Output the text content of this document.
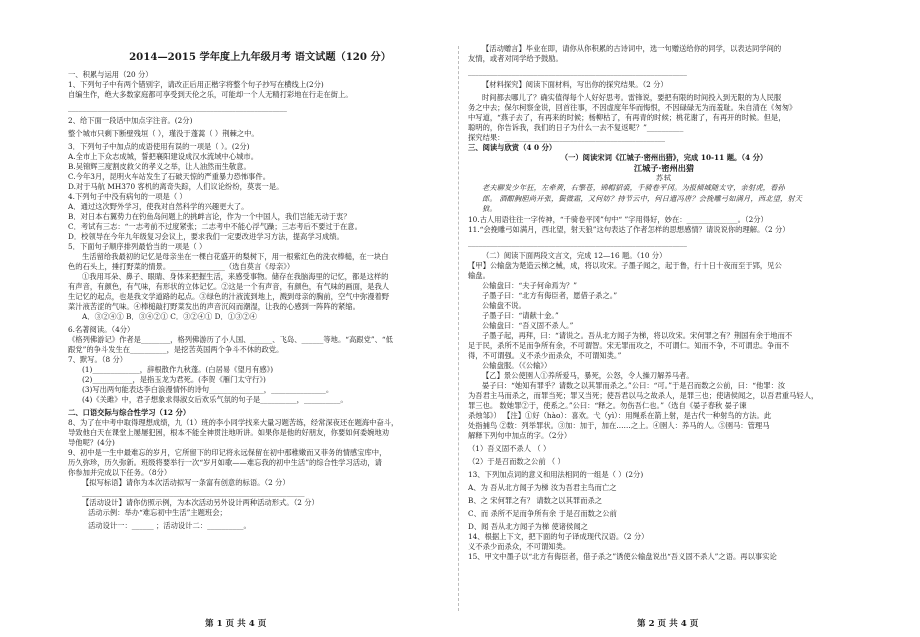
2014—2015 学年度上九年级月考 语文试题（120 分）
一、积累与运用（20 分）
1、下列句子中有两个错别字，请改正后用正楷字将整个句子抄写在横线上(2分)
自编生作，绝大多数家庭都可享受到天伦之乐，可能却一个人无精打彩地在行走在街上。
____________________________________________________________
2、给下面一段话中加点字注音。(2分)
整个城市只剩下断壁残垣（ ），瑾没于蓬蒿（ ）荆棘之中。
3．下列句子中加点的成语使用有误的一项是（ ）。(2分)
A.全市上下众志成城，誓把襄阳建设成汉水流域中心城市。
B.吴锦辉三度割皮救父的孝义之举，让人油然而生敬意。
C.今年3月，昆明火车站发生了石破天惊的严重暴力恐怖事件。
D.对于马航 MH370 客机的离奇失踪，人们议论纷纷，莫衷一是。
4.下列句子中没有病句的一项是（ ）
A．通过这次野外学习，使我对自然科学的兴趣更大了。
B．对日本右翼势力在钓鱼岛问题上的挑衅言论，作为一个中国人，我们岂能无动于衷？
C．考试有三志：“一志考前不过度紧张；二志考中不能心浮气躁；三志考后不要过于在意。
D．校领导在今年九年级复习会议上，要求我们一定要改进学习方法，提高学习成绩。
5．下面句子顺序排列最恰当的一项是（ ）
生活留给我最初的记忆是母亲坐在一棵白花盛开的梨树下，用一根紫红色的洗衣棒槌，在一块白
色的石头上，捶打野菜的情景。_______________（选自莫言《母亲》）
①我用耳朵、鼻子、眼睛、身体来把握生活，来感受事物。储存在我脑海里的记忆，都是这样的
有声音，有颜色，有气味，有形状的立体记忆。②这是一个有声音，有颜色，有气味的画面，是我人
生记忆的起点，也是我文学道路的起点。③绿色的汁液流到地上，溅到母亲的胸前，空气中弥漫着野
菜汁液苦涩的气味。④棒槌敲打野菜发出的声音沉闷而潮湿，让我的心感到一阵阵的紧缩。
A．③②④① B．③④②① C．③②④① D．①③②④
6.名著阅读。（4分）
《格列佛游记》作者是________，格列佛游历了小人国、______、飞岛、______等地。“高跟党”、“低
跟党”的争斗发生在__________，是挖苦英国两个争斗不休的政党。
7、默写。（8 分）
(1)_____________，辞根散作九秋蓬。(白居易《望月有感》)
(2)___________，是指玉龙为君死。(李贺《雁门太守行》)
(3)写出两句能表达李白浪漫情怀的诗句_______________，_______________。
(4)《关雎》中，君子想象求得淑女后欢乐气氛的句子是__________，__________。
二、口语交际与综合性学习（12 分）
8、为了在中考中取得理想成绩，九（1）班的李小同学找来大量习题苦练，经常深夜还在题海中奋斗，
导致他白天在课堂上屡屡犯困，根本不能全神贯注地听讲。如果你是他的好朋友，你要如何委婉地劝
导他呢？(4分)
9、初中是一生中最难忘的岁月，它所留下的印记将永远保留在初中那稚嫩而又菲务的情感宝库中，
历久弥珍，历久弥新。班级将要举行一次“岁月如歌——难忘我的初中生活”的综合性学习活动，请
你参加并完成以下任务。（8分）
【拟写标语】请你为本次活动拟写一条富有创意的标语。（2 分）
_____________________________________________________________
【活动设计】请你仿照示例，为本次活动另外设计两种活动形式。（2 分）
活动示例：举办“难忘初中生活”主题班会；
活动设计一：______ ；活动设计二：__________。
【活动赠言】毕业在即，请你从你积累的古诗词中，选一句赠送给你的同学，以表达同学间的
友情，或者对同学给予鼓励。
____________________________________________________________
【材料探究】阅读下面材料，写出你的探究结果。（2 分）
时间都去哪儿了？确实值得每个人好好思考。雷锋说，要把有限的时间投入到无限的为人民服
务之中去；保尔柯察金说，回首往事，不因虚度年华而悔恨，不因碌碌无为而羞耻。朱自清在《匆匆》
中写道，“燕子去了，有再来的时候；杨柳枯了，有再青的时候；桃花谢了，有再开的时候。但是，
聪明的，你告诉我，我们的日子为什么一去不复返呢？”__________
探究结果：____________________________________________
三、阅读与欣赏（4 0 分）
（一）阅读宋词《江城子·密州出猎》，完成 10-11 题。（4 分）
江城子·密州出猎
苏轼
老夫聊发少年狂，左牵黄，右擎苍，锦帽貂裘，千骑卷平冈。为报倾城随太守，亲射虎，看孙
郎。 酒酣胸胆尚开张，鬓微霜，又何妨？持节云中，何日遣冯唐？会挽雕弓如满月，西北望，射天
狼。
10.古人用语往往一字传神，“千骑卷平冈”句中“ ”字用得好，妙在：______________。（2分）
11.“会挽雕弓如满月，西北望，射天狼”这句表达了作者怎样的思想感情？请说说你的理解。（2 分）
____________________________________________________________
（二）阅读下面两段文言文，完成 12—16 题。（10 分）
【甲】公输盘为楚造云梯之械，成，将以攻宋。子墨子闻之，起于鲁，行十日十夜而至于郢，见公
输盘。
公输盘曰：“夫子何命焉为？”
子墨子曰：“北方有侮臣者，愿借子杀之。”
公输盘不说。
子墨子曰：“请献十金。”
公输盘曰：“吾义固不杀人。”
子墨子起，再拜，曰：“请说之。吾从北方闻子为梯，将以攻宋。宋何罪之有？荆国有余于地而不
足于民，杀所不足而争所有余，不可谓智。宋无罪而攻之，不可谓仁。知而不争，不可谓忠。争而不
得，不可谓强。义不杀少而杀众，不可谓知类。”
公输盘服。（《公输》）
【乙】景公使圉人①养所爱马，暴死，公怒，令人操刀解养马者。
晏子曰：“她知有罪乎？请数之以其罪而杀之。”公曰：“可。”于是召而数之公前，曰：“他罪：汝
为吾君主马而杀之，而罪当死；罪又当死；使吾君以马之故杀人，是罪三也；使诸侯闻之，以吾君重马轻人，
罪三也。 数她罪②于，使系之。”公曰：“释之。勿伤吾仁也。”（选自《晏子春秋 晏子谏
杀烛邹》） 【注】①好（hào）：喜欢。弋（yì）：用绳系在箭上射，是古代一种射鸟的方法。此
处指捕鸟 ②数：列举罪状。③加：加于，加在……之上。④圉人：养马的人。⑤圉马：管理马
解释下列句中加点的字。（2分）
（1）吾义固不杀人 （ ）
（2）于是召而数之公前 （ ）
13、下列加点词的意义和用法相同的一组是（ ）(2分)
A、为 吾从北方闻子为梯 汝为吾君主鸟而亡之
B、之 宋何罪之有？ 请数之以其罪而杀之
C、而 杀所不足而争所有余 于是召而数之公前
D、闻 吾从北方闻子为梯 使诸侯闻之
14、根据上下文，把下面的句子译成现代汉语。（2 分）
义不杀少而杀众，不可谓知类。
15、甲文中墨子以“北方有侮臣者，借子杀之”诱使公输盘说出“吾义固不杀人”之语。再以事实论
第 1 页 共 4 页	第 2 页 共 4 页
